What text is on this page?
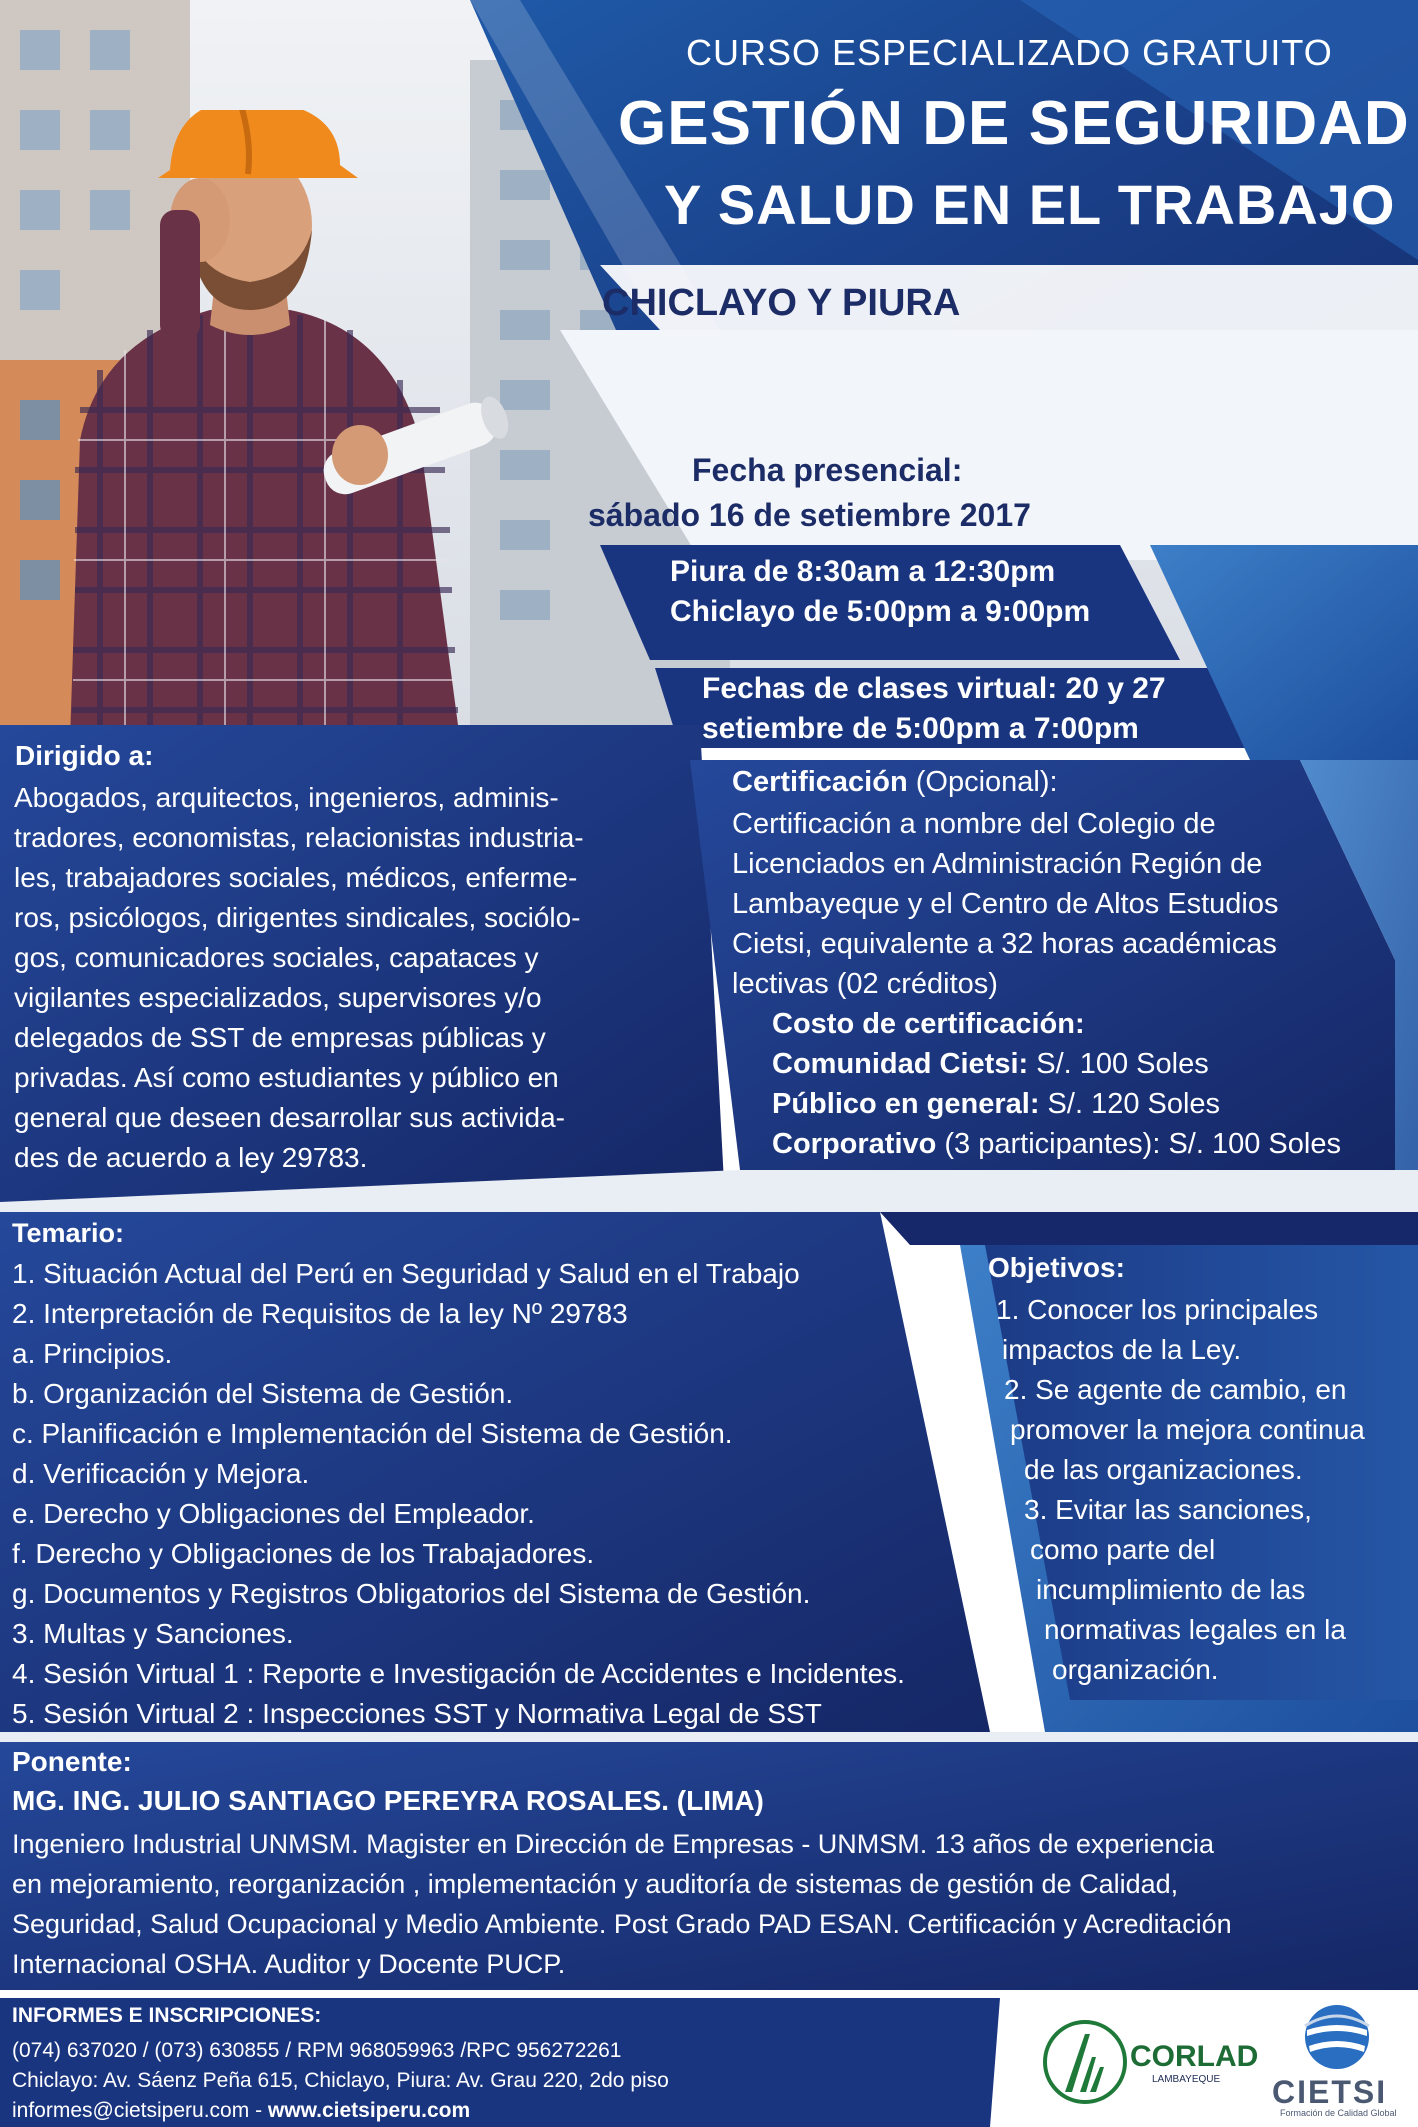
CURSO ESPECIALIZADO GRATUITO
GESTIÓN DE SEGURIDAD
Y SALUD EN EL TRABAJO
CHICLAYO Y PIURA
Fecha presencial:
sábado 16 de setiembre 2017
Piura de 8:30am a 12:30pm
Chiclayo de 5:00pm a 9:00pm
Fechas de clases virtual: 20 y 27
setiembre de 5:00pm a 7:00pm
Dirigido a:
Abogados, arquitectos, ingenieros, adminis-
tradores, economistas, relacionistas industria-
les, trabajadores sociales, médicos, enferme-
ros, psicólogos, dirigentes sindicales, sociólo-
gos, comunicadores sociales, capataces y
vigilantes especializados, supervisores y/o
delegados de SST de empresas públicas y
privadas. Así como estudiantes y público en
general que deseen desarrollar sus activida-
des de acuerdo a ley 29783.
Certificación (Opcional):
Certificación a nombre del Colegio de
Licenciados en Administración Región de
Lambayeque y el Centro de Altos Estudios
Cietsi, equivalente a 32 horas académicas
lectivas (02 créditos)
Costo de certificación:
Comunidad Cietsi: S/. 100 Soles
Público en general: S/. 120 Soles
Corporativo (3 participantes): S/. 100 Soles
Temario:
1. Situación Actual del Perú en Seguridad y Salud en el Trabajo
2. Interpretación de Requisitos de la ley Nº 29783
a. Principios.
b. Organización del Sistema de Gestión.
c. Planificación e Implementación del Sistema de Gestión.
d. Verificación y Mejora.
e. Derecho y Obligaciones del Empleador.
f. Derecho y Obligaciones de los Trabajadores.
g. Documentos y Registros Obligatorios del Sistema de Gestión.
3. Multas y Sanciones.
4. Sesión Virtual 1 : Reporte e Investigación de Accidentes e Incidentes.
5. Sesión Virtual 2 : Inspecciones SST y Normativa Legal de SST
Objetivos:
1. Conocer los principales
impactos de la Ley.
2. Se agente de cambio, en
promover la mejora continua
de las organizaciones.
3. Evitar las sanciones,
como parte del
incumplimiento de las
normativas legales en la
organización.
Ponente:
MG. ING. JULIO SANTIAGO PEREYRA ROSALES. (LIMA)
Ingeniero Industrial UNMSM. Magister en Dirección de Empresas - UNMSM. 13 años de experiencia
en mejoramiento, reorganización , implementación y auditoría de sistemas de gestión de Calidad,
Seguridad, Salud Ocupacional y Medio Ambiente. Post Grado PAD ESAN. Certificación y Acreditación
Internacional OSHA. Auditor y Docente PUCP.
INFORMES E INSCRIPCIONES:
(074) 637020 / (073) 630855 / RPM 968059963 /RPC 956272261
Chiclayo: Av. Sáenz Peña 615, Chiclayo, Piura: Av. Grau 220, 2do piso
informes@cietsiperu.com - www.cietsiperu.com
CORLAD
LAMBAYEQUE CIETSI
Formación de Calidad Global
